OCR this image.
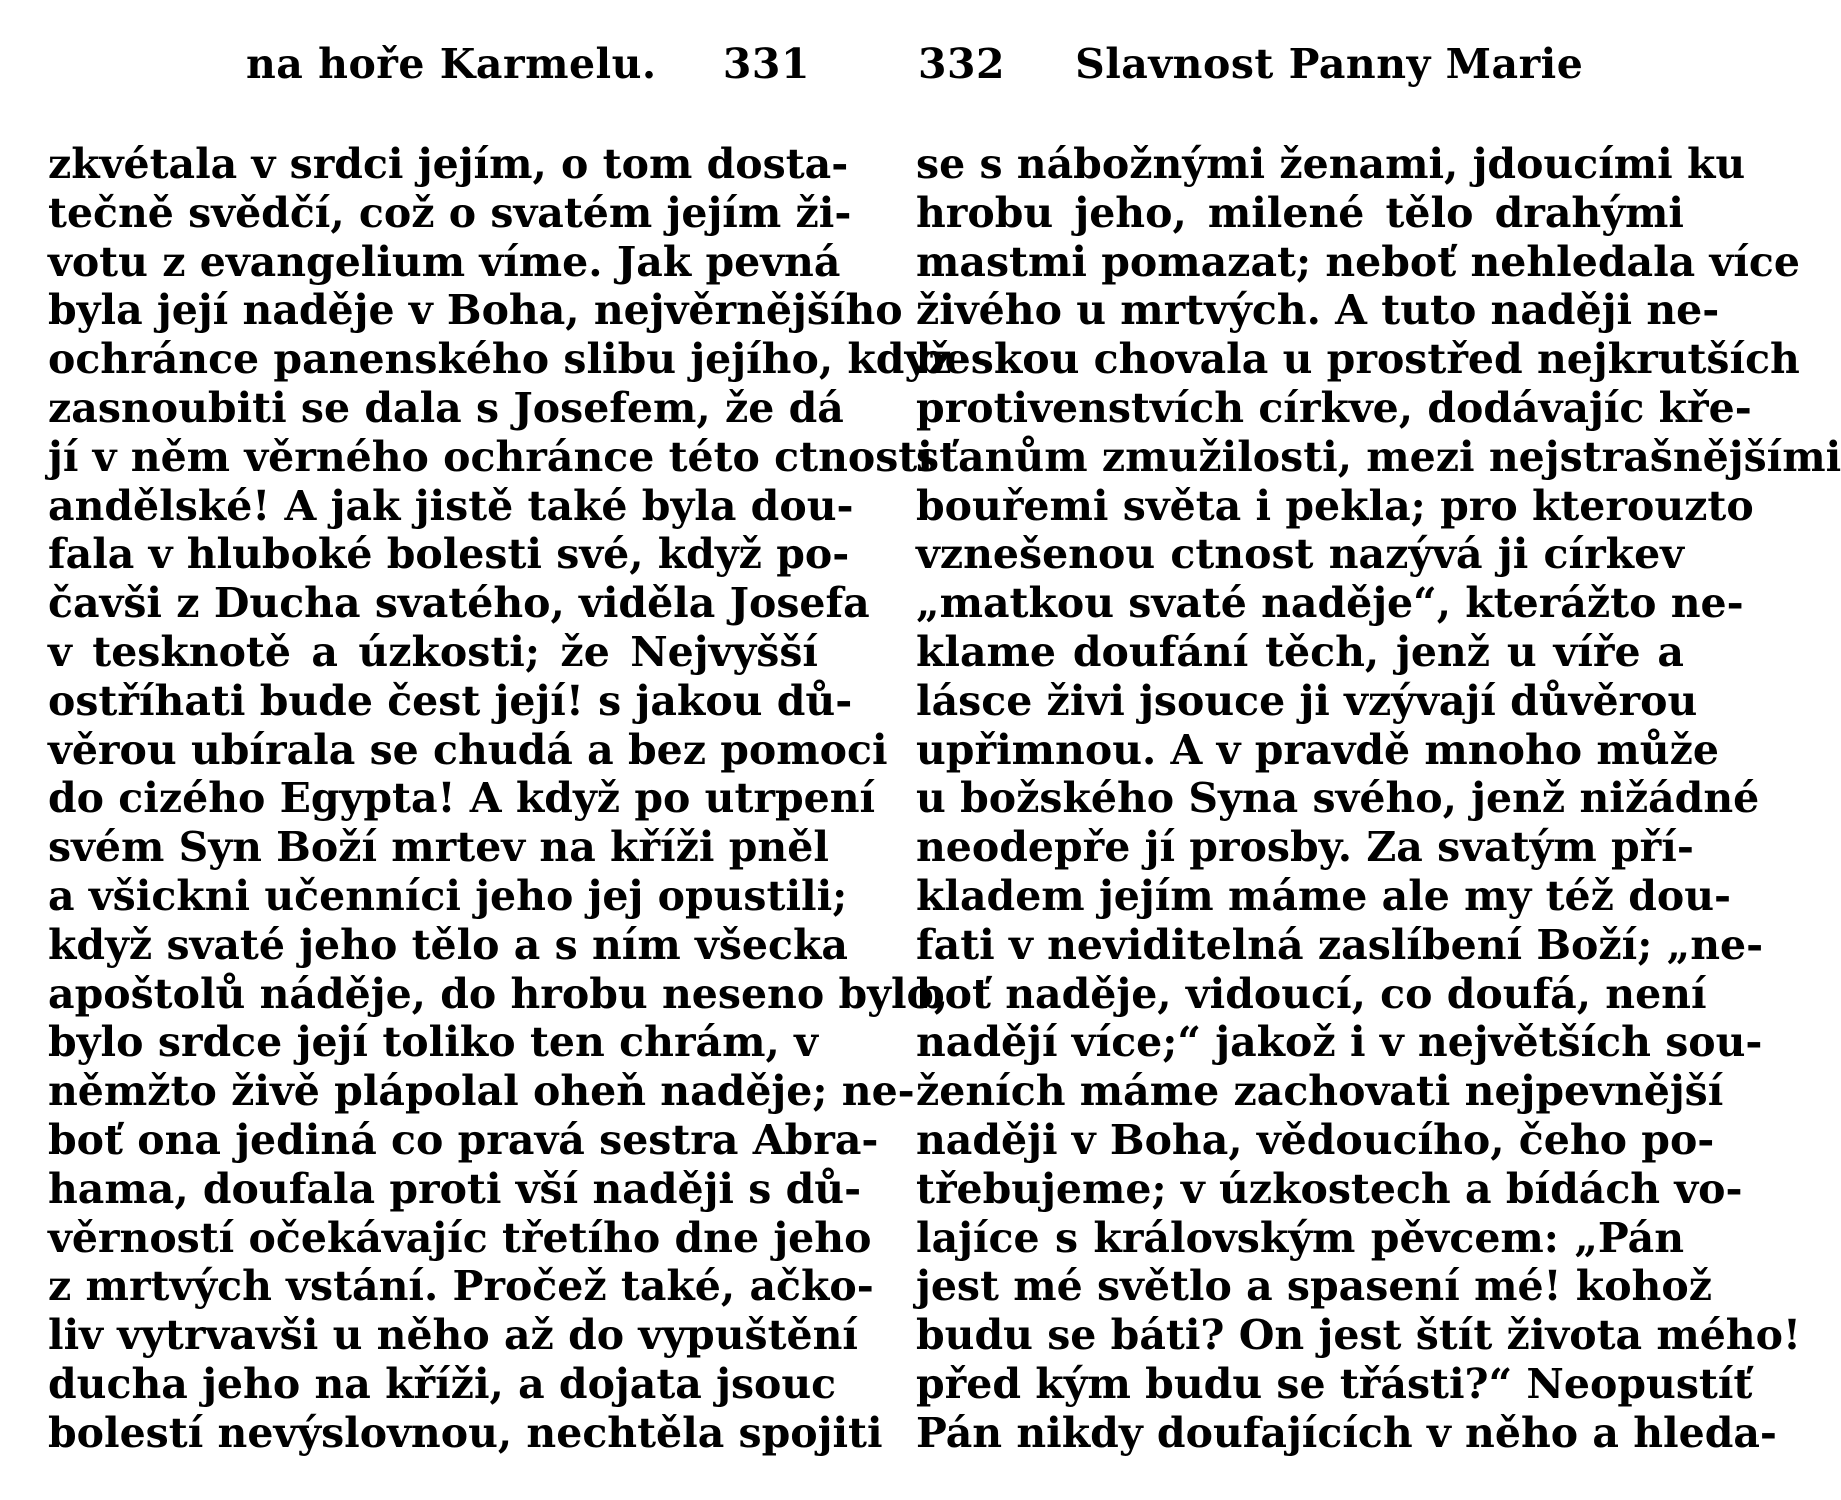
na hoře Karmelu. 331
zkvétala v srdci jejím, o tom dosta-
tečně svědčí, což o svatém jejím ži-
votu z evangelium víme. Jak pevná
byla její naděje v Boha, nejvěrnějšího
ochránce panenského slibu jejího, když
zasnoubiti se dala s Josefem, že dá
jí v něm věrného ochránce této ctnosti
andělské! A jak jistě také byla dou-
fala v hluboké bolesti své, když po-
čavši z Ducha svatého, viděla Josefa
v tesknotě a úzkosti; že Nejvyšší
ostříhati bude čest její! s jakou dů-
věrou ubírala se chudá a bez pomoci
do cizého Egypta! A když po utrpení
svém Syn Boží mrtev na kříži pněl
a všickni učenníci jeho jej opustili;
když svaté jeho tělo a s ním všecka
apoštolů náděje, do hrobu neseno bylo,
bylo srdce její toliko ten chrám, v
němžto živě plápolal oheň naděje; ne-
boť ona jediná co pravá sestra Abra-
hama, doufala proti vší naději s dů-
věrností očekávajíc třetího dne jeho
z mrtvých vstání. Pročež také, ačko-
liv vytrvavši u něho až do vypuštění
ducha jeho na kříži, a dojata jsouc
bolestí nevýslovnou, nechtěla spojiti
332 Slavnost Panny Marie
se s nábožnými ženami, jdoucími ku
hrobu jeho, milené tělo drahými
mastmi pomazat; neboť nehledala více
živého u mrtvých. A tuto naději ne-
beskou chovala u prostřed nejkrutších
protivenstvích církve, dodávajíc kře-
sťanům zmužilosti, mezi nejstrašnějšími
bouřemi světa i pekla; pro kterouzto
vznešenou ctnost nazývá ji církev
„matkou svaté naděje“, kterážto ne-
klame doufání těch, jenž u víře a
lásce živi jsouce ji vzývají důvěrou
upřimnou. A v pravdě mnoho může
u božského Syna svého, jenž nižádné
neodepře jí prosby. Za svatým pří-
kladem jejím máme ale my též dou-
fati v neviditelná zaslíbení Boží; „ne-
boť naděje, vidoucí, co doufá, není
nadějí více;“ jakož i v největších sou-
ženích máme zachovati nejpevnější
naději v Boha, vědoucího, čeho po-
třebujeme; v úzkostech a bídách vo-
lajíce s královským pěvcem: „Pán
jest mé světlo a spasení mé! kohož
budu se báti? On jest štít života mého!
před kým budu se třásti?“ Neopustíť
Pán nikdy doufajících v něho a hleda-
